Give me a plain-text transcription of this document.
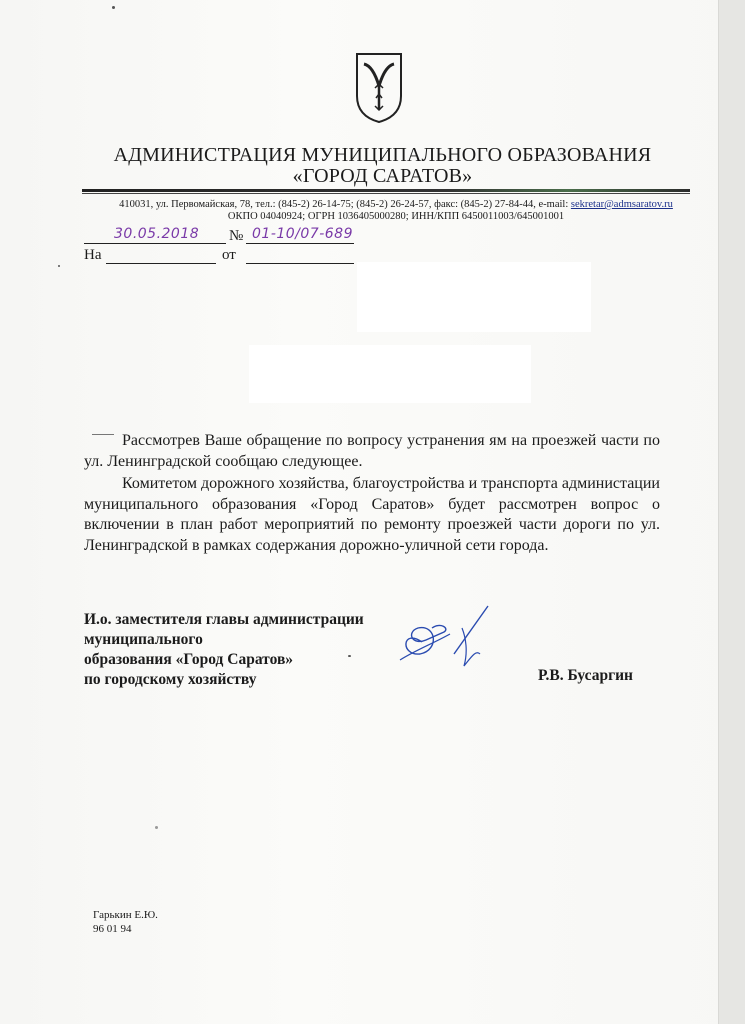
АДМИНИСТРАЦИЯ МУНИЦИПАЛЬНОГО ОБРАЗОВАНИЯ
«ГОРОД САРАТОВ»
410031, ул. Первомайская, 78, тел.: (845-2) 26-14-75; (845-2) 26-24-57, факс: (845-2) 27-84-44, e-mail: sekretar@admsaratov.ru
ОКПО 04040924; ОГРН 1036405000280; ИНН/КПП 6450011003/645001001
30.05.2018 № 01-10/07-689
На	от
Рассмотрев Ваше обращение по вопросу устранения ям на проезжей части по ул. Ленинградской сообщаю следующее.
Комитетом дорожного хозяйства, благоустройства и транспорта администации муниципального образования «Город Саратов» будет рассмотрен вопрос о включении в план работ мероприятий по ремонту проезжей части дороги по ул. Ленинградской в рамках содержания дорожно-уличной сети города.
И.о. заместителя главы администрации
муниципального
образования «Город Саратов»
по городскому хозяйству	Р.В. Бусаргин
Гарькин Е.Ю.
96 01 94
